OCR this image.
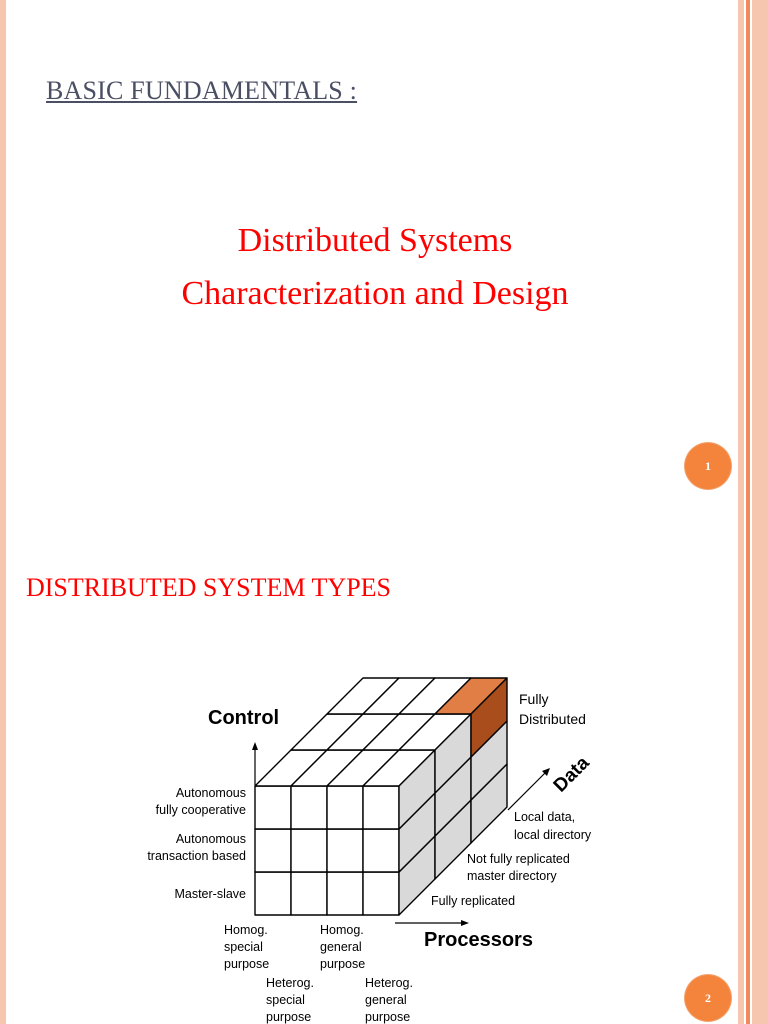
BASIC FUNDAMENTALS :
Distributed Systems
Characterization and Design
1
DISTRIBUTED SYSTEM TYPES
Control
Processors
Data
Fully
Distributed
Autonomous
fully cooperative
Autonomous
transaction based
Master-slave
Local data,
local directory
Not fully replicated
master directory
Fully replicated
Homog.
special
purpose
Homog.
general
purpose
Heterog.
special
purpose
Heterog.
general
purpose
2
